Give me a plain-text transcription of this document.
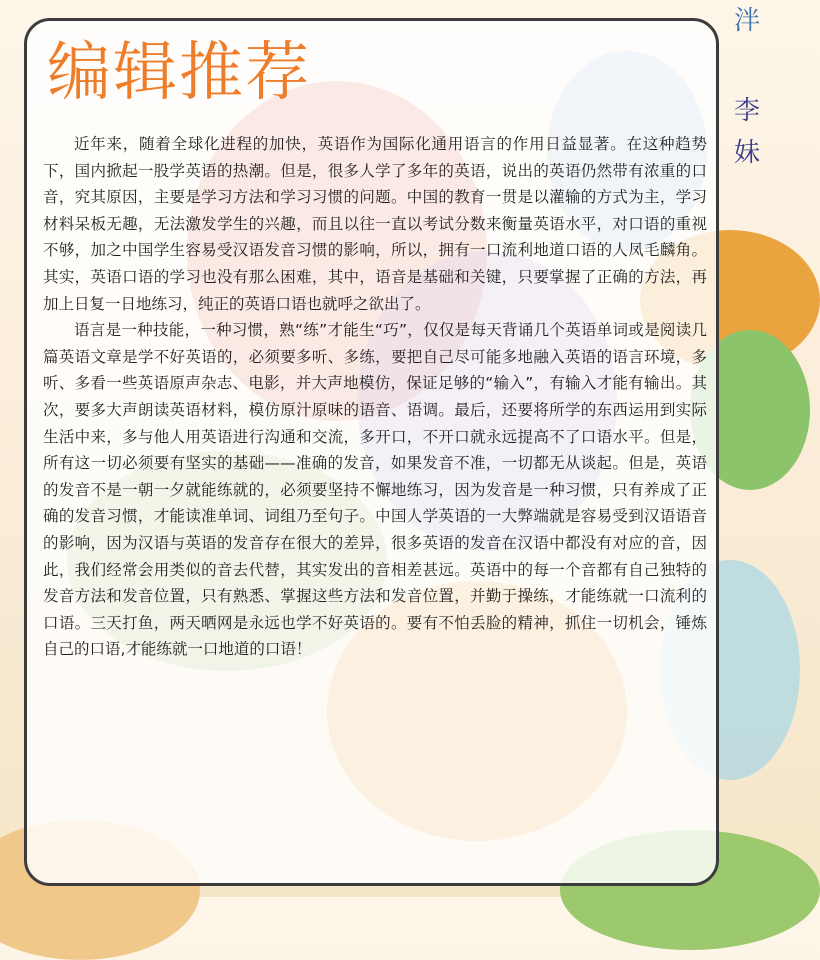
泮
李
妹
编辑推荐

近年来，随着全球化进程的加快，英语作为国际化通用语言的作用日益显著。在这种趋势下，国内掀起一股学英语的热潮。但是，很多人学了多年的英语，说出的英语仍然带有浓重的口音，究其原因，主要是学习方法和学习习惯的问题。中国的教育一贯是以灌输的方式为主，学习材料呆板无趣，无法激发学生的兴趣，而且以往一直以考试分数来衡量英语水平，对口语的重视不够，加之中国学生容易受汉语发音习惯的影响，所以，拥有一口流利地道口语的人凤毛麟角。其实，英语口语的学习也没有那么困难，其中，语音是基础和关键，只要掌握了正确的方法，再加上日复一日地练习，纯正的英语口语也就呼之欲出了。

语言是一种技能，一种习惯，熟“练”才能生“巧”，仅仅是每天背诵几个英语单词或是阅读几篇英语文章是学不好英语的，必须要多听、多练，要把自己尽可能多地融入英语的语言环境，多听、多看一些英语原声杂志、电影，并大声地模仿，保证足够的“输入”，有输入才能有输出。其次，要多大声朗读英语材料，模仿原汁原味的语音、语调。最后，还要将所学的东西运用到实际生活中来，多与他人用英语进行沟通和交流，多开口，不开口就永远提高不了口语水平。但是，所有这一切必须要有坚实的基础——准确的发音，如果发音不准，一切都无从谈起。但是，英语的发音不是一朝一夕就能练就的，必须要坚持不懈地练习，因为发音是一种习惯，只有养成了正确的发音习惯，才能读准单词、词组乃至句子。中国人学英语的一大弊端就是容易受到汉语语音的影响，因为汉语与英语的发音存在很大的差异，很多英语的发音在汉语中都没有对应的音，因此，我们经常会用类似的音去代替，其实发出的音相差甚远。英语中的每一个音都有自己独特的发音方法和发音位置，只有熟悉、掌握这些方法和发音位置，并勤于操练，才能练就一口流利的口语。三天打鱼，两天晒网是永远也学不好英语的。要有不怕丢脸的精神，抓住一切机会，锤炼自己的口语,才能练就一口地道的口语！
